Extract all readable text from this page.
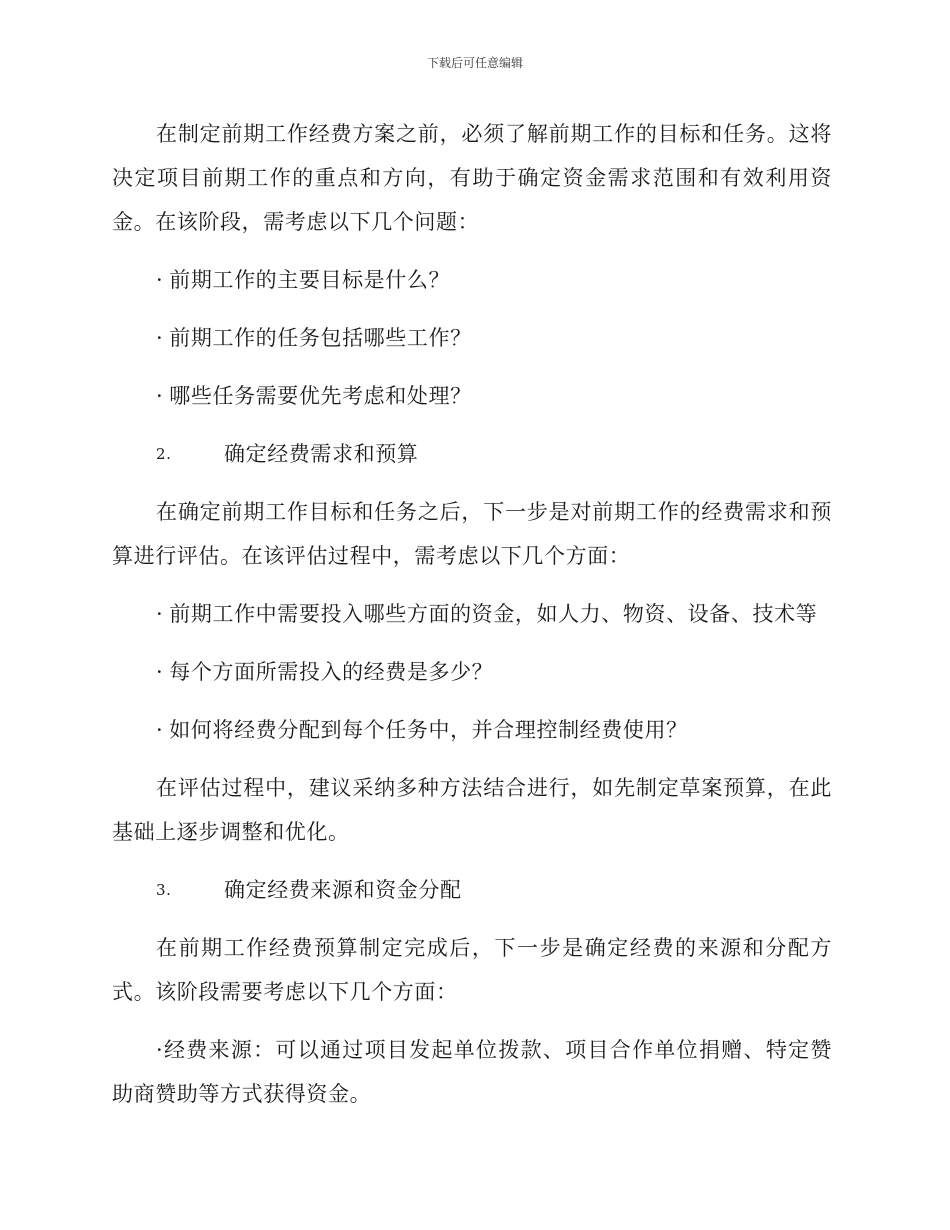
下载后可任意编辑

在制定前期工作经费方案之前，必须了解前期工作的目标和任务。这将决定项目前期工作的重点和方向，有助于确定资金需求范围和有效利用资金。在该阶段，需考虑以下几个问题：

· 前期工作的主要目标是什么？
· 前期工作的任务包括哪些工作？
· 哪些任务需要优先考虑和处理？
2.	确定经费需求和预算

在确定前期工作目标和任务之后，下一步是对前期工作的经费需求和预算进行评估。在该评估过程中，需考虑以下几个方面：

· 前期工作中需要投入哪些方面的资金，如人力、物资、设备、技术等
· 每个方面所需投入的经费是多少？
· 如何将经费分配到每个任务中，并合理控制经费使用？

在评估过程中，建议采纳多种方法结合进行，如先制定草案预算，在此基础上逐步调整和优化。

3.	确定经费来源和资金分配

在前期工作经费预算制定完成后，下一步是确定经费的来源和分配方式。该阶段需要考虑以下几个方面：

·经费来源：可以通过项目发起单位拨款、项目合作单位捐赠、特定赞助商赞助等方式获得资金。
